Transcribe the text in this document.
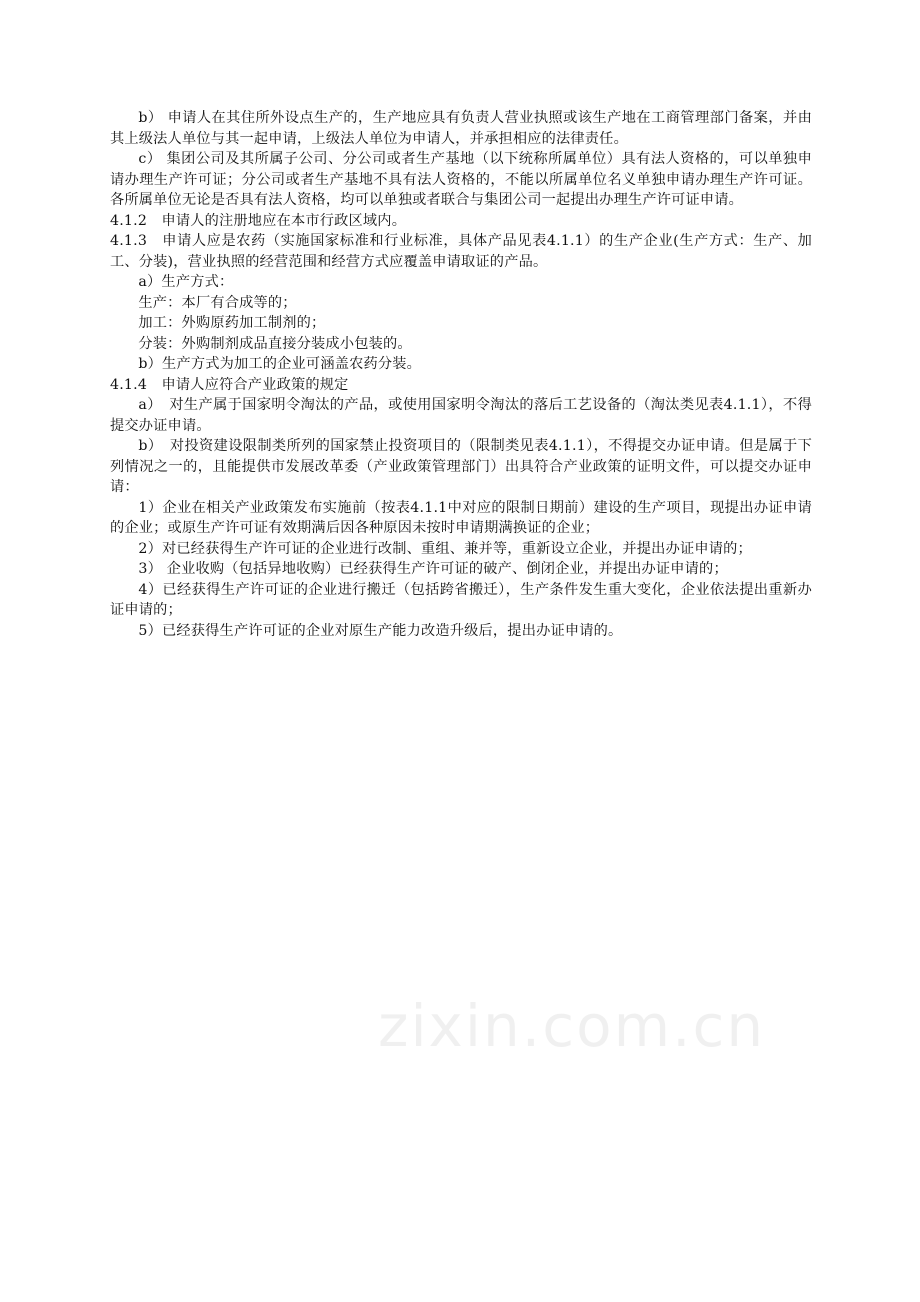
b） 申请人在其住所外设点生产的，生产地应具有负责人营业执照或该生产地在工商管理部门备案，并由其上级法人单位与其一起申请，上级法人单位为申请人，并承担相应的法律责任。

c） 集团公司及其所属子公司、分公司或者生产基地（以下统称所属单位）具有法人资格的，可以单独申请办理生产许可证；分公司或者生产基地不具有法人资格的，不能以所属单位名义单独申请办理生产许可证。各所属单位无论是否具有法人资格，均可以单独或者联合与集团公司一起提出办理生产许可证申请。

4.1.2　申请人的注册地应在本市行政区域内。

4.1.3　申请人应是农药（实施国家标准和行业标准，具体产品见表4.1.1）的生产企业(生产方式：生产、加工、分装)，营业执照的经营范围和经营方式应覆盖申请取证的产品。

a）生产方式：

生产：本厂有合成等的；

加工：外购原药加工制剂的；

分装：外购制剂成品直接分装成小包装的。

b）生产方式为加工的企业可涵盖农药分装。

4.1.4　申请人应符合产业政策的规定

a）　对生产属于国家明令淘汰的产品，或使用国家明令淘汰的落后工艺设备的（淘汰类见表4.1.1），不得提交办证申请。

b）　对投资建设限制类所列的国家禁止投资项目的（限制类见表4.1.1），不得提交办证申请。但是属于下列情况之一的，且能提供市发展改革委（产业政策管理部门）出具符合产业政策的证明文件，可以提交办证申请：

1）企业在相关产业政策发布实施前（按表4.1.1中对应的限制日期前）建设的生产项目，现提出办证申请的企业；或原生产许可证有效期满后因各种原因未按时申请期满换证的企业；

2）对已经获得生产许可证的企业进行改制、重组、兼并等，重新设立企业，并提出办证申请的；

3） 企业收购（包括异地收购）已经获得生产许可证的破产、倒闭企业，并提出办证申请的；

4）已经获得生产许可证的企业进行搬迁（包括跨省搬迁），生产条件发生重大变化，企业依法提出重新办证申请的；

5）已经获得生产许可证的企业对原生产能力改造升级后，提出办证申请的。

zixin.com.cn
